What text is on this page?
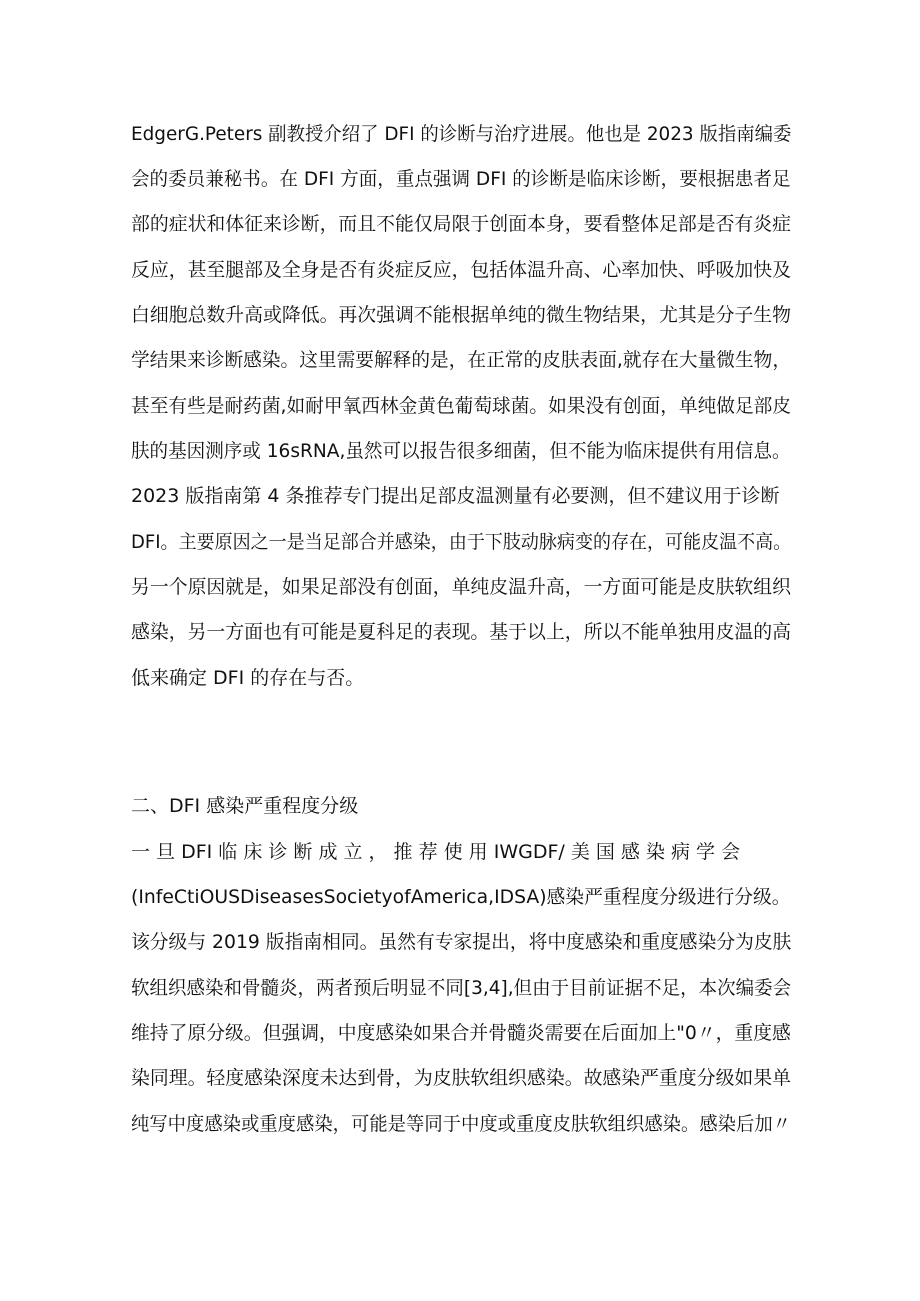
EdgerG.Peters 副教授介绍了 DFI 的诊断与治疗进展。他也是 2023 版指南编委
会的委员兼秘书。在 DFI 方面，重点强调 DFI 的诊断是临床诊断，要根据患者足
部的症状和体征来诊断，而且不能仅局限于创面本身，要看整体足部是否有炎症
反应，甚至腿部及全身是否有炎症反应，包括体温升高、心率加快、呼吸加快及
白细胞总数升高或降低。再次强调不能根据单纯的微生物结果，尤其是分子生物
学结果来诊断感染。这里需要解释的是，在正常的皮肤表面,就存在大量微生物，
甚至有些是耐药菌,如耐甲氧西林金黄色葡萄球菌。如果没有创面，单纯做足部皮
肤的基因测序或 16sRNA,虽然可以报告很多细菌，但不能为临床提供有用信息。
2023 版指南第 4 条推荐专门提出足部皮温测量有必要测，但不建议用于诊断
DFI。主要原因之一是当足部合并感染，由于下肢动脉病变的存在，可能皮温不高。
另一个原因就是，如果足部没有创面，单纯皮温升高，一方面可能是皮肤软组织
感染，另一方面也有可能是夏科足的表现。基于以上，所以不能单独用皮温的高
低来确定 DFI 的存在与否。
二、DFI 感染严重程度分级
一 旦 DFI 临 床 诊 断 成 立 ， 推 荐 使 用 IWGDF/ 美 国 感 染 病 学 会
(InfeCtiOUSDiseasesSocietyofAmerica,IDSA)感染严重程度分级进行分级。
该分级与 2019 版指南相同。虽然有专家提出，将中度感染和重度感染分为皮肤
软组织感染和骨髓炎，两者预后明显不同[3,4],但由于目前证据不足，本次编委会
维持了原分级。但强调，中度感染如果合并骨髓炎需要在后面加上"0〃，重度感
染同理。轻度感染深度未达到骨，为皮肤软组织感染。故感染严重度分级如果单
纯写中度感染或重度感染，可能是等同于中度或重度皮肤软组织感染。感染后加〃
